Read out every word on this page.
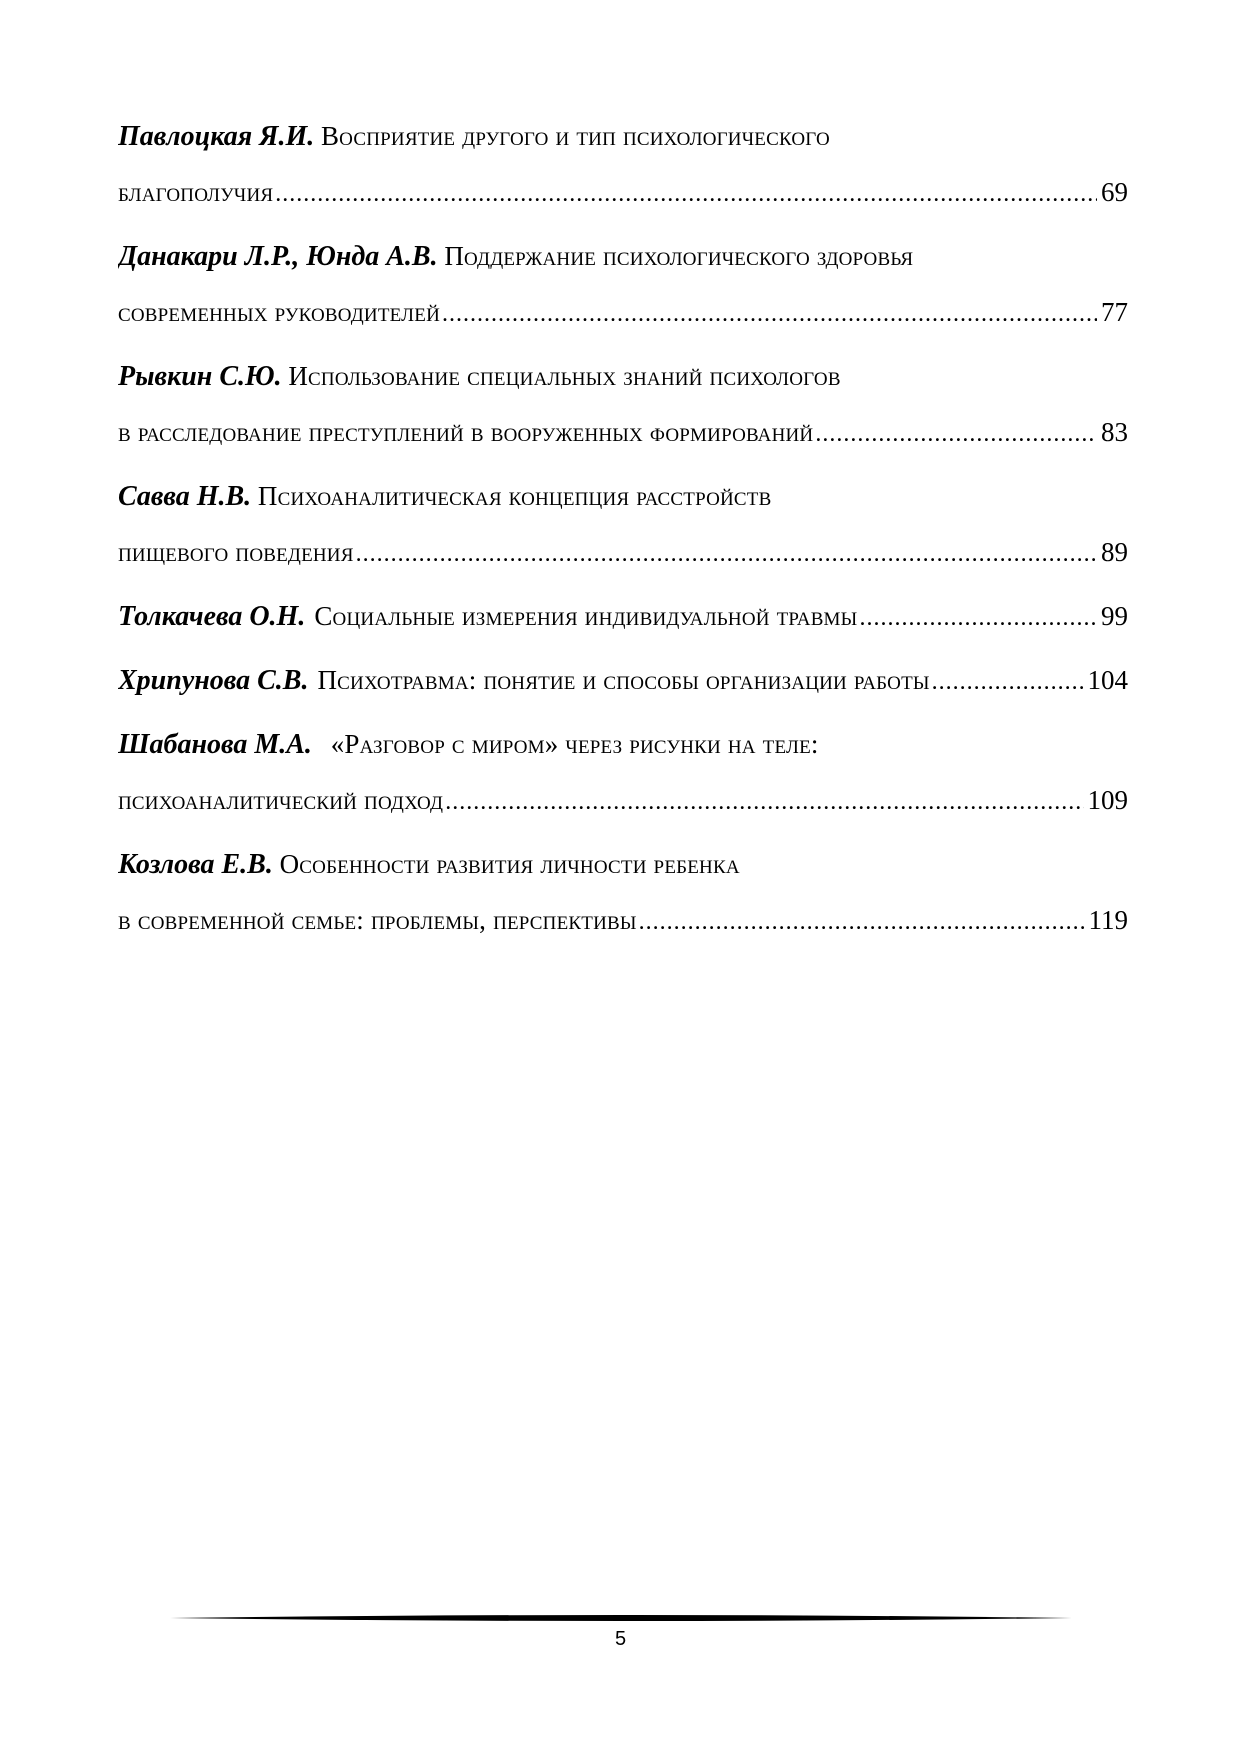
Павлоцкая Я.И. Восприятие другого и тип психологического
благополучия .....	69
Данакари Л.Р., Юнда А.В. Поддержание психологического здоровья
современных руководителей .....	77
Рывкин С.Ю. Использование специальных знаний психологов
в расследование преступлений в вооруженных формирований .....	83
Савва Н.В. Психоаналитическая концепция расстройств
пищевого поведения .....	89
Толкачева О.Н. Социальные измерения индивидуальной травмы .....	99
Хрипунова С.В. Психотравма: понятие и способы организации работы .....	104
Шабанова М.А. «Разговор с миром» через рисунки на теле:
психоаналитический подход .....	109
Козлова Е.В. Особенности развития личности ребенка
в современной семье: проблемы, перспективы .....	119
5
